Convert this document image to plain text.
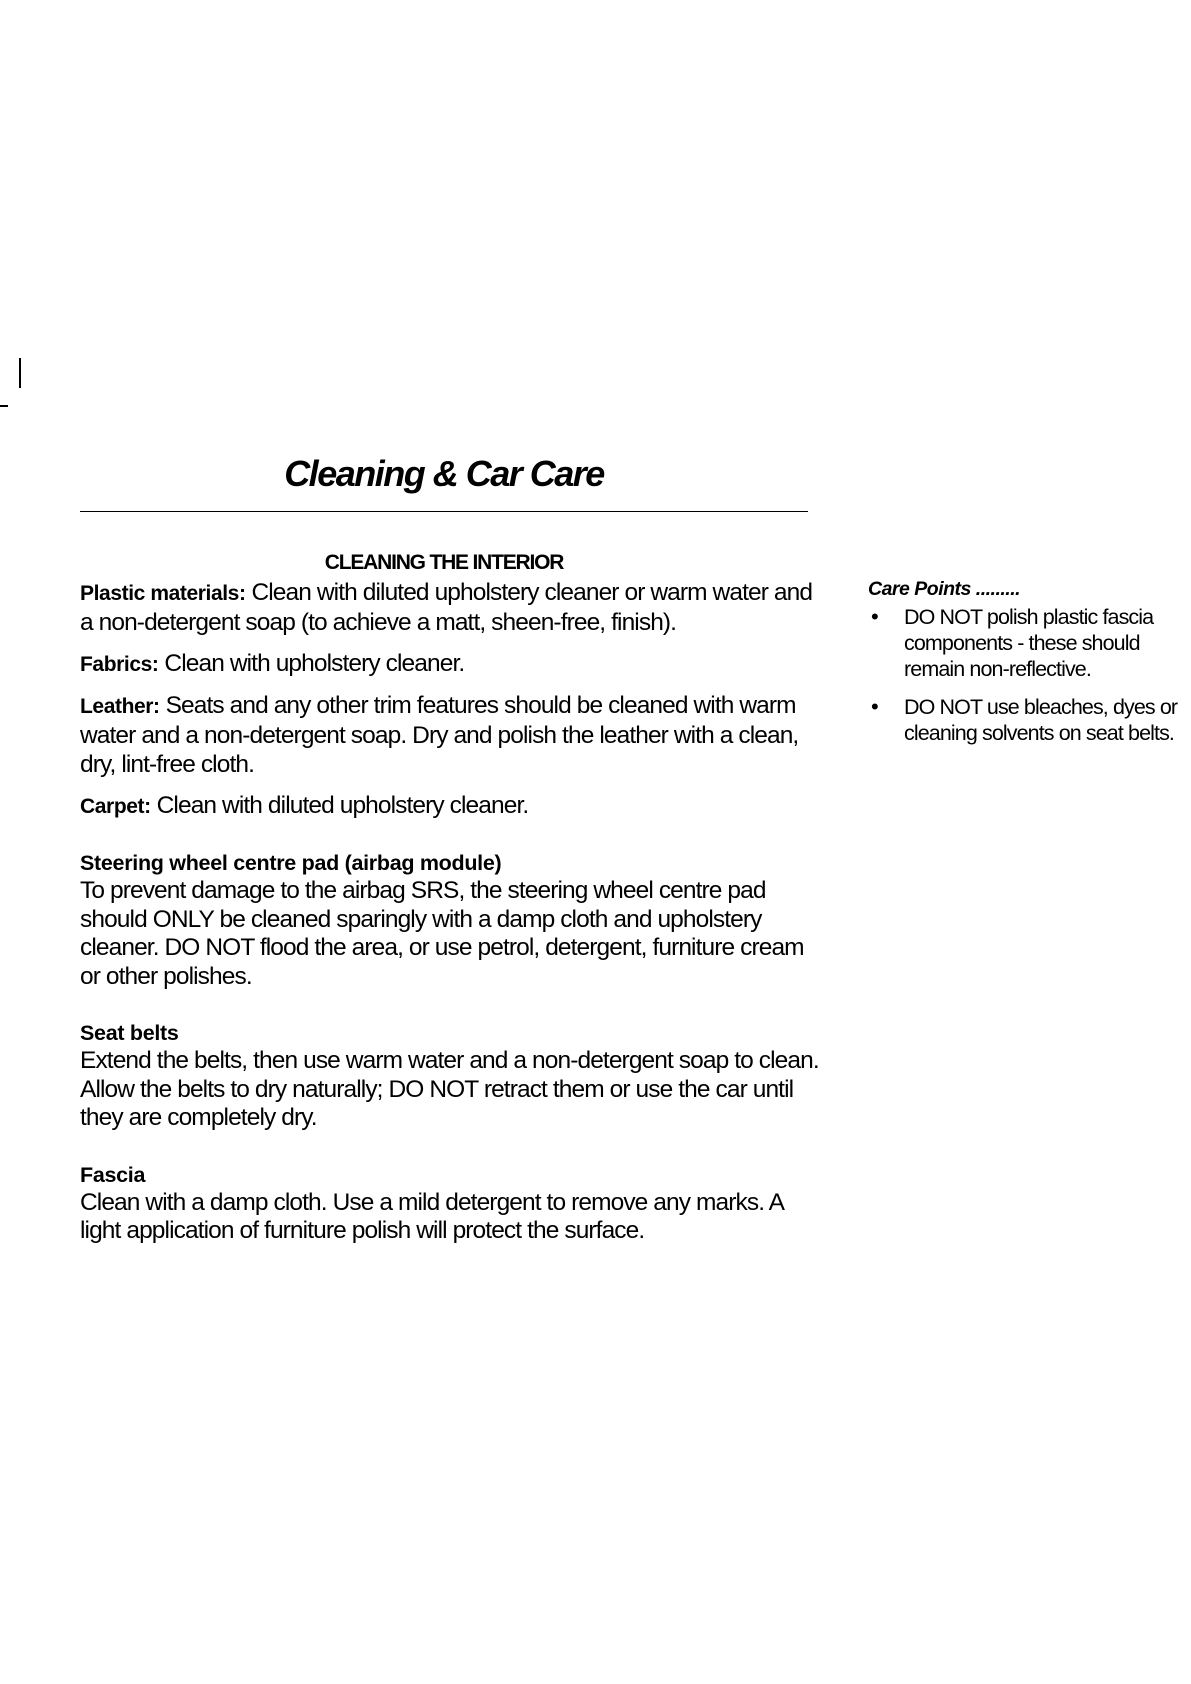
Cleaning & Car Care
CLEANING THE INTERIOR

Plastic materials: Clean with diluted upholstery cleaner or warm water and a non-detergent soap (to achieve a matt, sheen-free, finish).

Fabrics: Clean with upholstery cleaner.

Leather: Seats and any other trim features should be cleaned with warm water and a non-detergent soap. Dry and polish the leather with a clean, dry, lint-free cloth.

Carpet: Clean with diluted upholstery cleaner.

Steering wheel centre pad (airbag module)

To prevent damage to the airbag SRS, the steering wheel centre pad should ONLY be cleaned sparingly with a damp cloth and upholstery cleaner. DO NOT flood the area, or use petrol, detergent, furniture cream or other polishes.

Seat belts

Extend the belts, then use warm water and a non-detergent soap to clean. Allow the belts to dry naturally; DO NOT retract them or use the car until they are completely dry.

Fascia

Clean with a damp cloth. Use a mild detergent to remove any marks. A light application of furniture polish will protect the surface.

Care Points .........
• DO NOT polish plastic fascia components - these should remain non-reflective.
• DO NOT use bleaches, dyes or cleaning solvents on seat belts.
